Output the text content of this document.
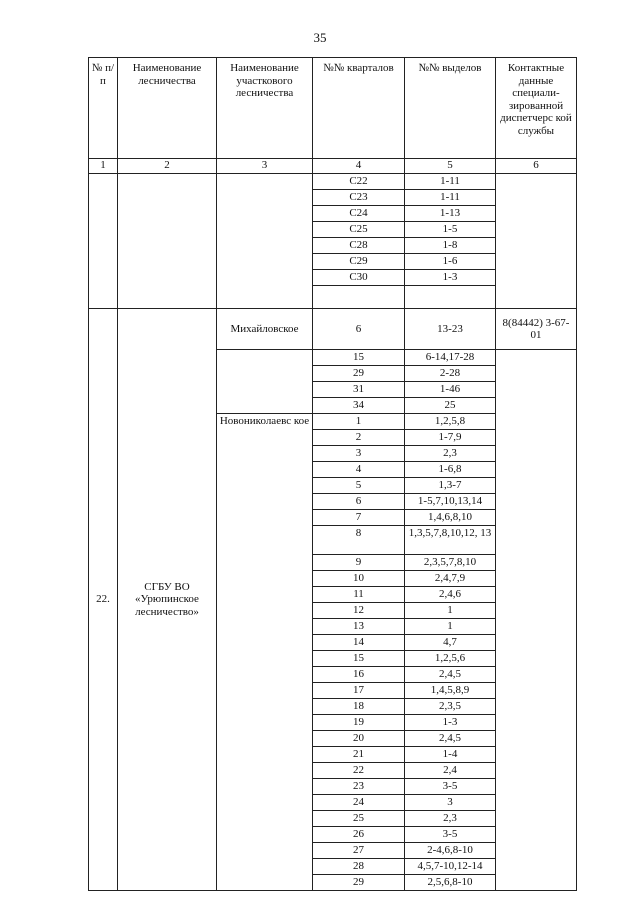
35
№ п/п	Наименование лесничества	Наименование участкового лесничества	№№ кварталов	№№ выделов	Контактные данные специали-зированной диспетчерс кой службы
1	2	3	4	5	6
			С22	1-11	
			С23	1-11	
			С24	1-13	
			С25	1-5	
			С28	1-8	
			С29	1-6	
			С30	1-3	

22.	СГБУ ВО «Урюпинское лесничество»	Михайловское	6	13-23	8(84442) 3-67-01
			15	6-14,17-28	
			29	2-28	
			31	1-46	
			34	25	
		Новониколаевс кое	1	1,2,5,8	
			2	1-7,9	
			3	2,3	
			4	1-6,8	
			5	1,3-7	
			6	1-5,7,10,13,14	
			7	1,4,6,8,10	
			8	1,3,5,7,8,10,12, 13	
			9	2,3,5,7,8,10	
			10	2,4,7,9	
			11	2,4,6	
			12	1	
			13	1	
			14	4,7	
			15	1,2,5,6	
			16	2,4,5	
			17	1,4,5,8,9	
			18	2,3,5	
			19	1-3	
			20	2,4,5	
			21	1-4	
			22	2,4	
			23	3-5	
			24	3	
			25	2,3	
			26	3-5	
			27	2-4,6,8-10	
			28	4,5,7-10,12-14	
			29	2,5,6,8-10	
